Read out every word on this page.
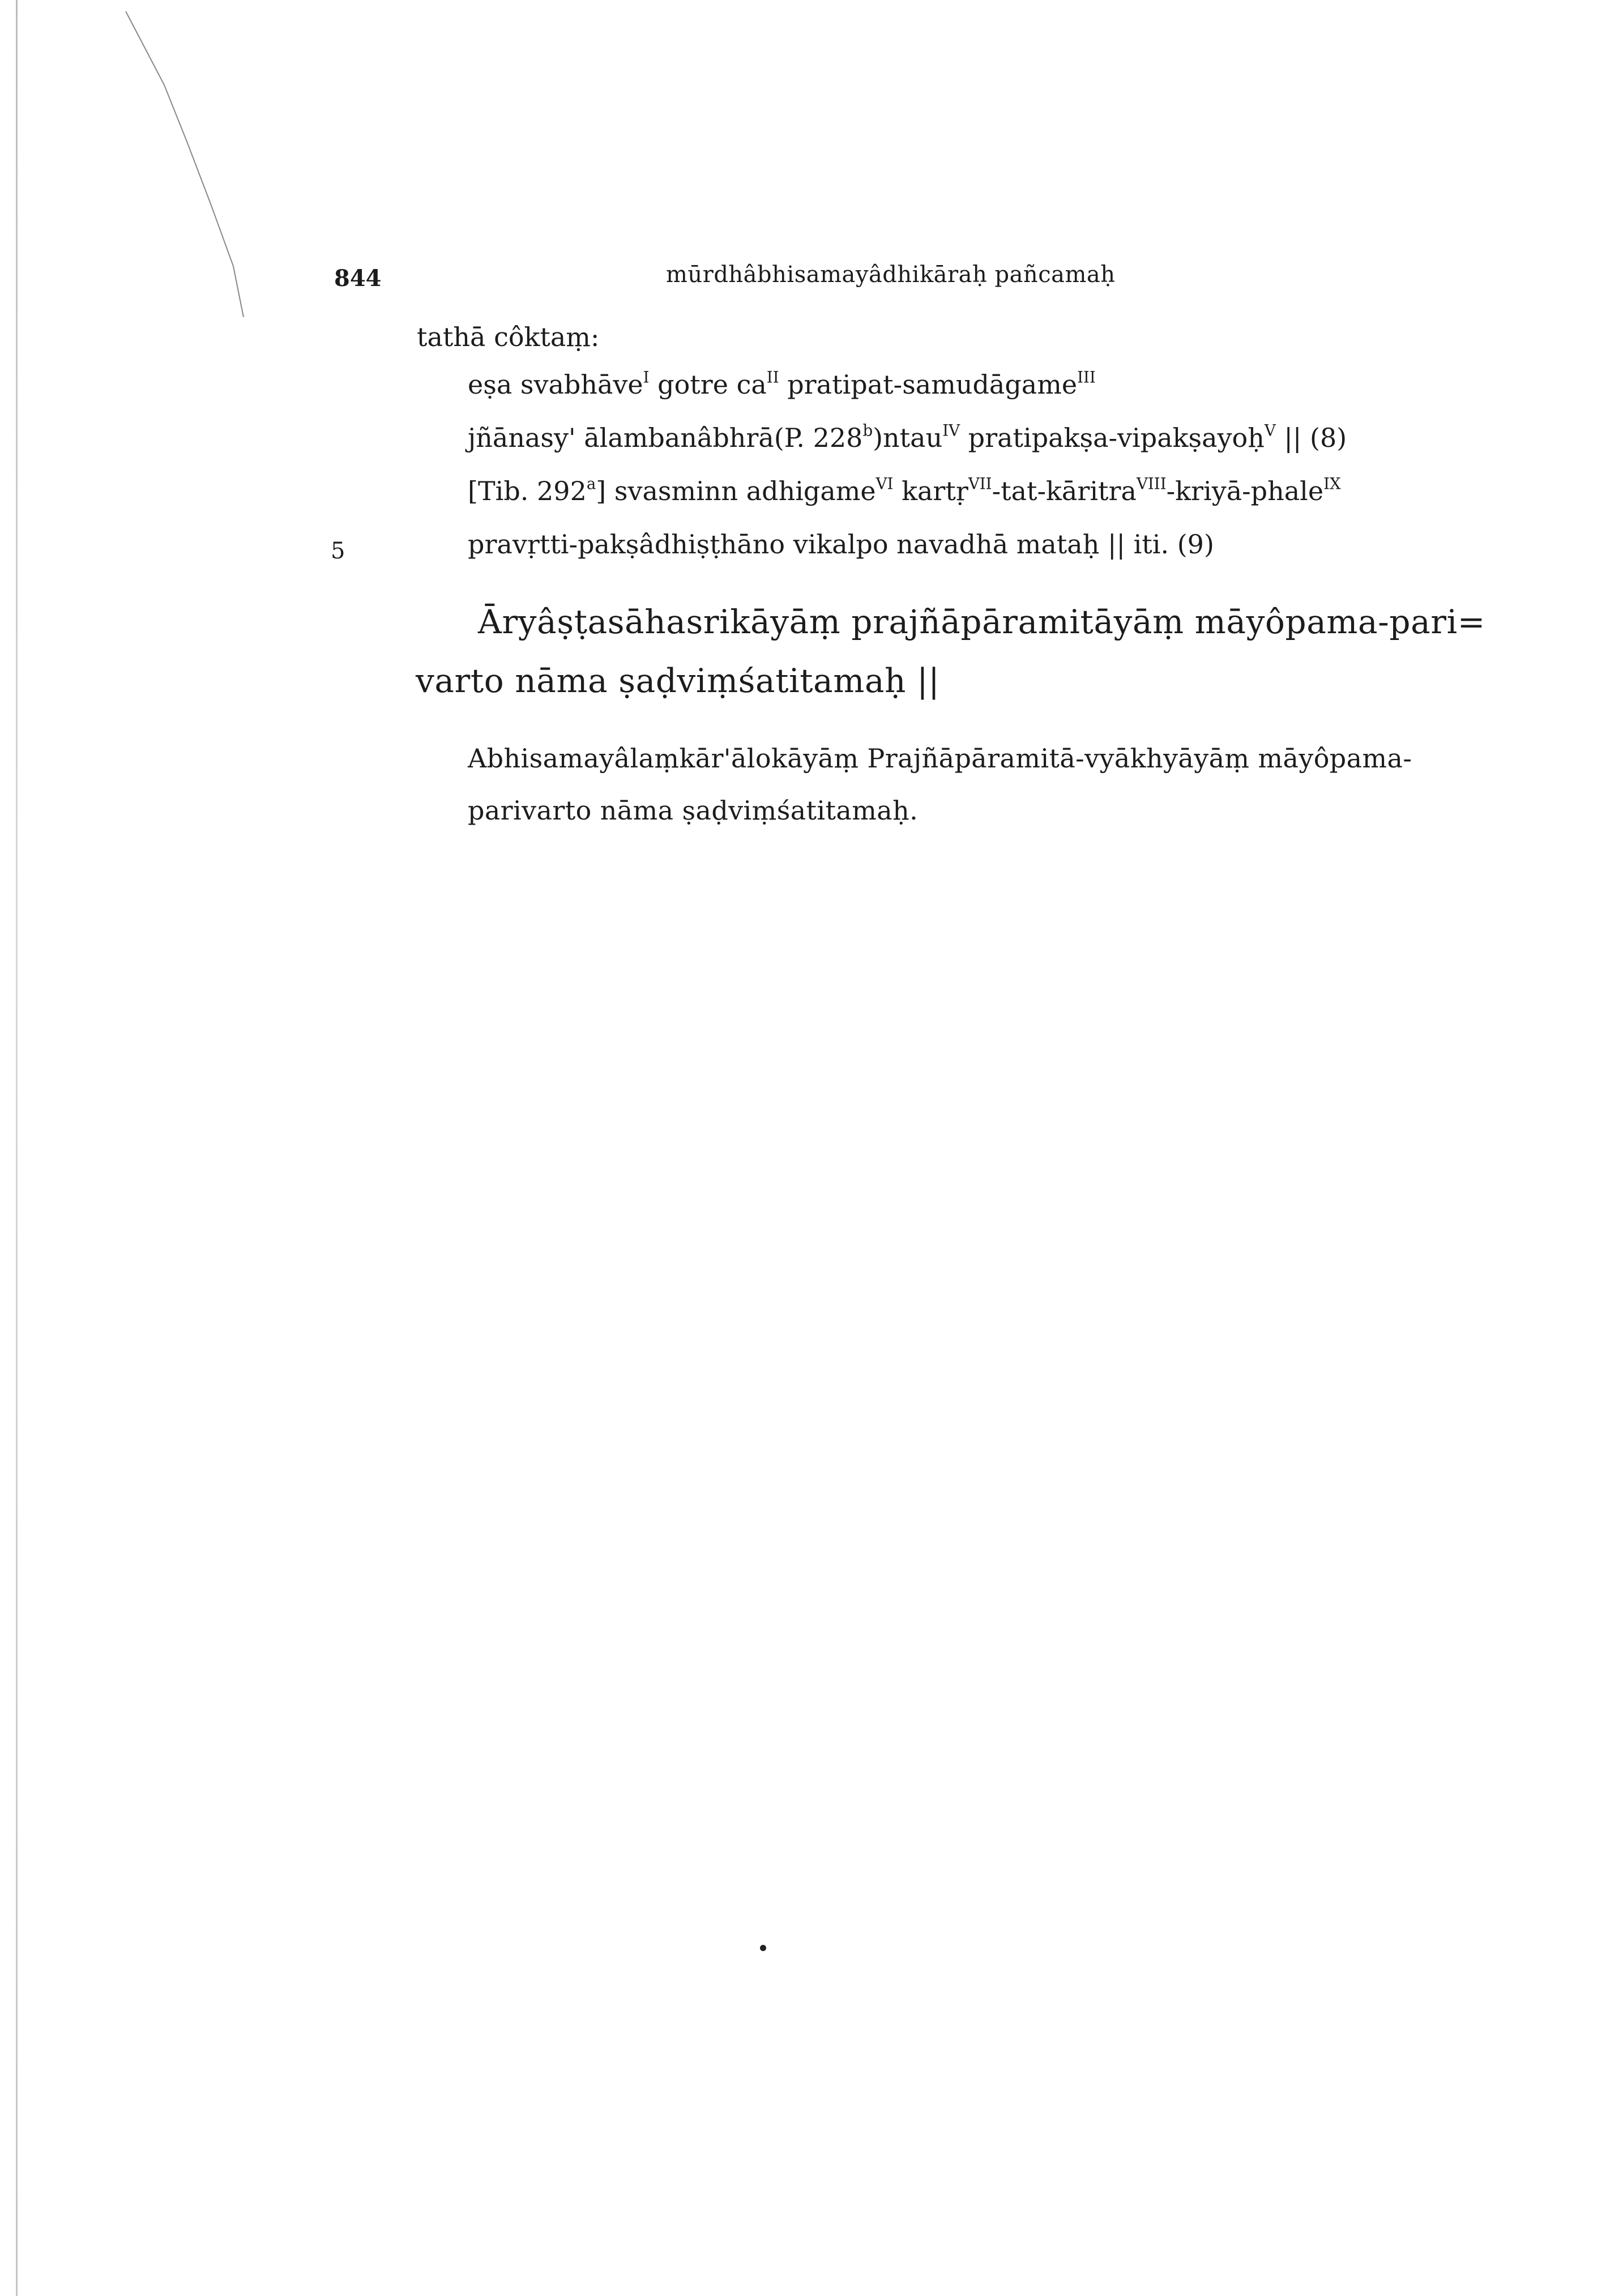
844	mūrdhâbhisamayâdhikāraḥ pañcamaḥ
tathā côktaṃ:
eṣa svabhāve$^I$ gotre $ca^{II}$ pratipat-samudāgame$^{III}$
jñānasy' ālambanâbhrā(P. 228$^b$)ntau$^{IV}$ pratipakṣa-vipakṣayoḥ$^V$ || (8)
[Tib. 292$^a$] svasminn adhigame$^{VI}$ kartṛ$^{VII}$-tat-kāritra$^{VIII}$-kriyā-phale$^{IX}$
5	pravṛtti-pakṣâdhiṣṭhāno vikalpo navadhā mataḥ || iti. (9)
Āryâṣṭasāhasrikāyāṃ prajñāpāramitāyāṃ māyôpama-pari=
varto nāma ṣaḍviṃśatitamaḥ ||
Abhisamayâlaṃkār'ālokāyāṃ Prajñāpāramitā-vyākhyāyāṃ māyôpama-
parivarto nāma ṣaḍviṃśatitamaḥ.
